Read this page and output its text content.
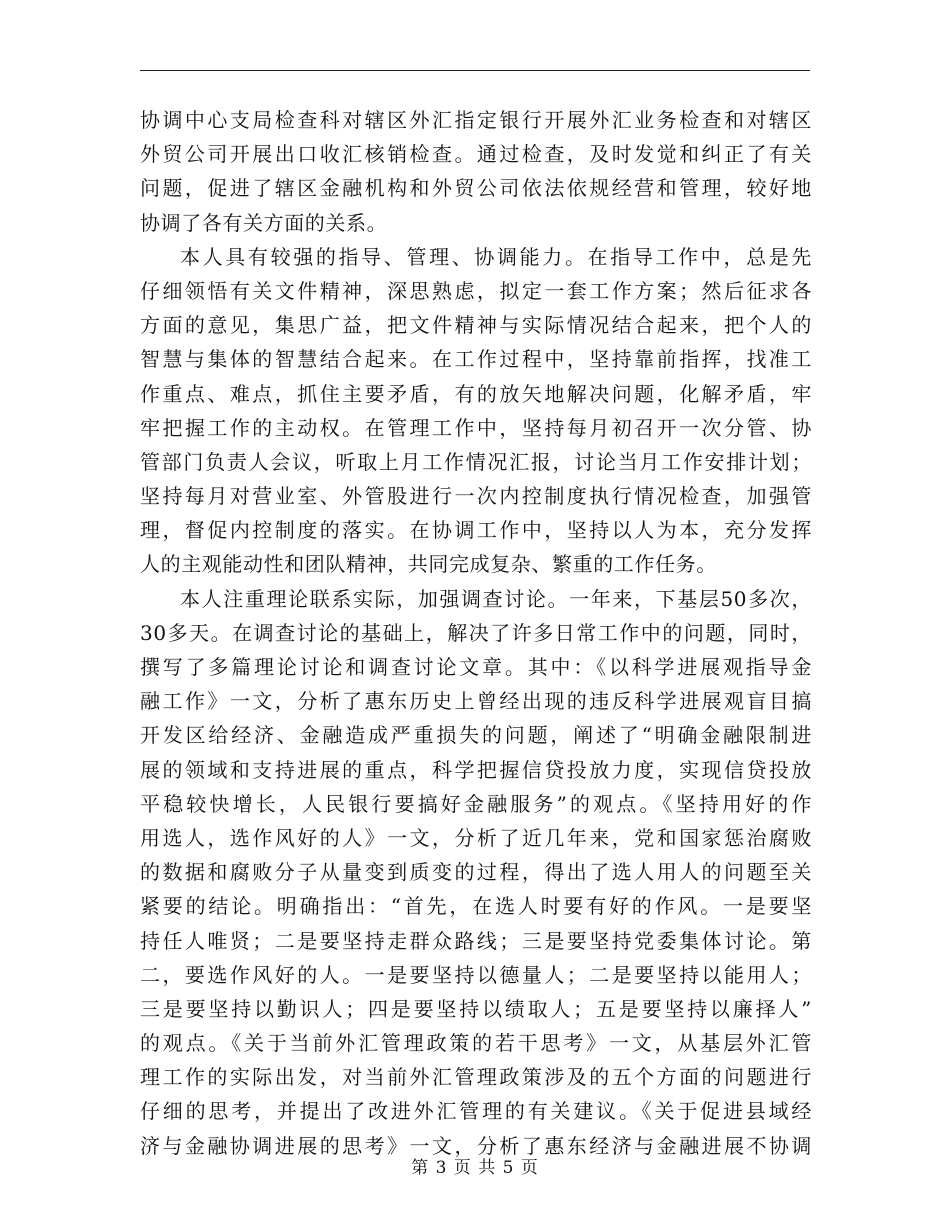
协调中心支局检查科对辖区外汇指定银行开展外汇业务检查和对辖区
外贸公司开展出口收汇核销检查。通过检查，及时发觉和纠正了有关
问题，促进了辖区金融机构和外贸公司依法依规经营和管理，较好地
协调了各有关方面的关系。
本人具有较强的指导、管理、协调能力。在指导工作中，总是先
仔细领悟有关文件精神，深思熟虑，拟定一套工作方案；然后征求各
方面的意见，集思广益，把文件精神与实际情况结合起来，把个人的
智慧与集体的智慧结合起来。在工作过程中，坚持靠前指挥，找准工
作重点、难点，抓住主要矛盾，有的放矢地解决问题，化解矛盾，牢
牢把握工作的主动权。在管理工作中，坚持每月初召开一次分管、协
管部门负责人会议，听取上月工作情况汇报，讨论当月工作安排计划；
坚持每月对营业室、外管股进行一次内控制度执行情况检查，加强管
理，督促内控制度的落实。在协调工作中，坚持以人为本，充分发挥
人的主观能动性和团队精神，共同完成复杂、繁重的工作任务。
本人注重理论联系实际，加强调查讨论。一年来，下基层50多次，
30多天。在调查讨论的基础上，解决了许多日常工作中的问题，同时，
撰写了多篇理论讨论和调查讨论文章。其中：《以科学进展观指导金
融工作》一文，分析了惠东历史上曾经出现的违反科学进展观盲目搞
开发区给经济、金融造成严重损失的问题，阐述了“明确金融限制进
展的领域和支持进展的重点，科学把握信贷投放力度，实现信贷投放
平稳较快增长，人民银行要搞好金融服务”的观点。《坚持用好的作
用选人，选作风好的人》一文，分析了近几年来，党和国家惩治腐败
的数据和腐败分子从量变到质变的过程，得出了选人用人的问题至关
紧要的结论。明确指出：“首先，在选人时要有好的作风。一是要坚
持任人唯贤；二是要坚持走群众路线；三是要坚持党委集体讨论。第
二，要选作风好的人。一是要坚持以德量人；二是要坚持以能用人；
三是要坚持以勤识人；四是要坚持以绩取人；五是要坚持以廉择人”
的观点。《关于当前外汇管理政策的若干思考》一文，从基层外汇管
理工作的实际出发，对当前外汇管理政策涉及的五个方面的问题进行
仔细的思考，并提出了改进外汇管理的有关建议。《关于促进县域经
济与金融协调进展的思考》一文，分析了惠东经济与金融进展不协调
第 3 页 共 5 页
